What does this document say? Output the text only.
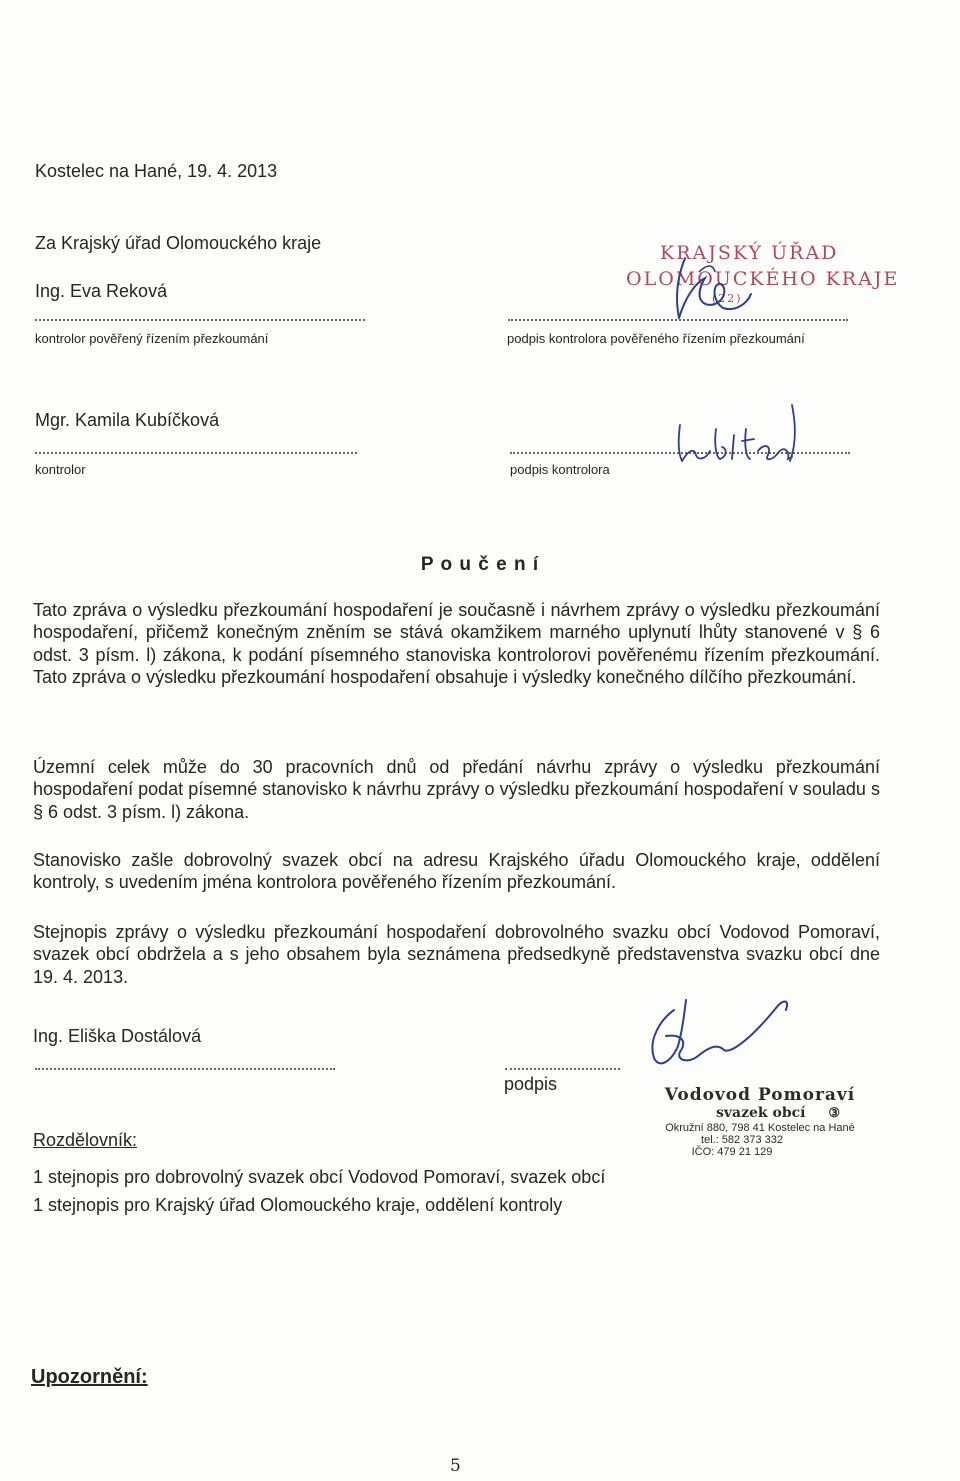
Kostelec na Hané, 19. 4. 2013
Za Krajský úřad Olomouckého kraje
Ing. Eva Reková
kontrolor pověřený řízením přezkoumání	podpis kontrolora pověřeného řízením přezkoumání
KRAJSKÝ ÚŘAD
OLOMOUCKÉHO KRAJE
(22)
Mgr. Kamila Kubíčková
kontrolor	podpis kontrolora
P o u č e n í
Tato zpráva o výsledku přezkoumání hospodaření je současně i návrhem zprávy o výsledku přezkoumání hospodaření, přičemž konečným zněním se stává okamžikem marného uplynutí lhůty stanovené v § 6 odst. 3 písm. l) zákona, k podání písemného stanoviska kontrolorovi pověřenému řízením přezkoumání. Tato zpráva o výsledku přezkoumání hospodaření obsahuje i výsledky konečného dílčího přezkoumání.
Územní celek může do 30 pracovních dnů od předání návrhu zprávy o výsledku přezkoumání hospodaření podat písemné stanovisko k návrhu zprávy o výsledku přezkoumání hospodaření v souladu s § 6 odst. 3 písm. l) zákona.
Stanovisko zašle dobrovolný svazek obcí na adresu Krajského úřadu Olomouckého kraje, oddělení kontroly, s uvedením jména kontrolora pověřeného řízením přezkoumání.
Stejnopis zprávy o výsledku přezkoumání hospodaření dobrovolného svazku obcí Vodovod Pomoraví, svazek obcí obdržela a s jeho obsahem byla seznámena předsedkyně představenstva svazku obcí dne 19. 4. 2013.
Ing. Eliška Dostálová
podpis
Vodovod Pomoraví
svazek obcí ③
Okružní 880, 798 41 Kostelec na Hané
tel.: 582 373 332
IČO: 479 21 129
Rozdělovník:
1 stejnopis pro dobrovolný svazek obcí Vodovod Pomoraví, svazek obcí
1 stejnopis pro Krajský úřad Olomouckého kraje, oddělení kontroly
Upozornění:
5
